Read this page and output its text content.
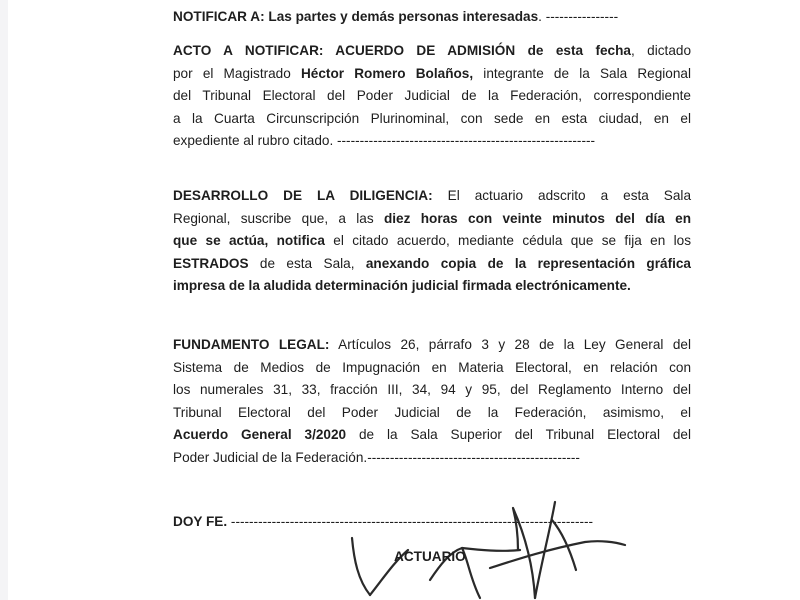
NOTIFICAR A: Las partes y demás personas interesadas. ----------------

ACTO A NOTIFICAR: ACUERDO DE ADMISIÓN de esta fecha, dictado
por el Magistrado Héctor Romero Bolaños, integrante de la Sala Regional
del Tribunal Electoral del Poder Judicial de la Federación, correspondiente
a la Cuarta Circunscripción Plurinominal, con sede en esta ciudad, en el
expediente al rubro citado. ---------------------------------------------------------

DESARROLLO DE LA DILIGENCIA: El actuario adscrito a esta Sala
Regional, suscribe que, a las diez horas con veinte minutos del día en
que se actúa, notifica el citado acuerdo, mediante cédula que se fija en los
ESTRADOS de esta Sala, anexando copia de la representación gráfica
impresa de la aludida determinación judicial firmada electrónicamente.

FUNDAMENTO LEGAL: Artículos 26, párrafo 3 y 28 de la Ley General del
Sistema de Medios de Impugnación en Materia Electoral, en relación con
los numerales 31, 33, fracción III, 34, 94 y 95, del Reglamento Interno del
Tribunal Electoral del Poder Judicial de la Federación, asimismo, el
Acuerdo General 3/2020 de la Sala Superior del Tribunal Electoral del
Poder Judicial de la Federación.-----------------------------------------------

DOY FE. --------------------------------------------------------------------------------

ACTUARIO
